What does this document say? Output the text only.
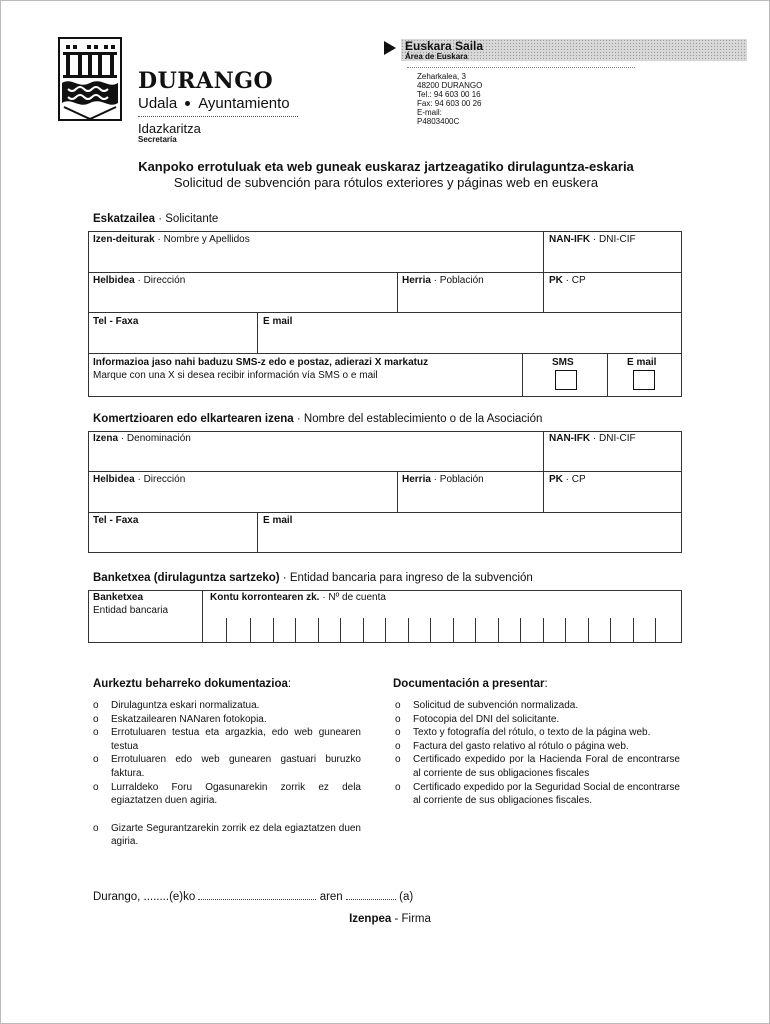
DURANGO
Udala Ayuntamiento
Idazkaritza
Secretaría
Euskara Saila
Área de Euskara
Zeharkalea, 3
48200 DURANGO
Tel.: 94 603 00 16
Fax: 94 603 00 26
E-mail:
P4803400C
Kanpoko errotuluak eta web guneak euskaraz jartzeagatiko dirulaguntza-eskaria
Solicitud de subvención para rótulos exteriores y páginas web en euskera
Eskatzailea · Solicitante
Izen-deiturak · Nombre y Apellidos	NAN-IFK · DNI-CIF
Helbidea · Dirección	Herria · Población	PK · CP
Tel - Faxa	E mail
Informazioa jaso nahi baduzu SMS-z edo e postaz, adierazi X markatuz
Marque con una X si desea recibir información vía SMS o e mail
SMS	E mail
Komertzioaren edo elkartearen izena · Nombre del establecimiento o de la Asociación
Izena · Denominación	NAN-IFK · DNI-CIF
Helbidea · Dirección	Herria · Población	PK · CP
Tel - Faxa	E mail
Banketxea (dirulaguntza sartzeko) · Entidad bancaria para ingreso de la subvención
Banketxea
Entidad bancaria
Kontu korrontearen zk. · Nº de cuenta
Aurkeztu beharreko dokumentazioa:	Documentación a presentar:
o Dirulaguntza eskari normalizatua.
o Eskatzailearen NANaren fotokopia.
o Errotuluaren testua eta argazkia, edo web gunearen testua
o Errotuluaren edo web gunearen gastuari buruzko faktura.
o Lurraldeko Foru Ogasunarekin zorrik ez dela egiaztatzen duen agiria.
o Gizarte Segurantzarekin zorrik ez dela egiaztatzen duen agiria.
o Solicitud de subvención normalizada.
o Fotocopia del DNI del solicitante.
o Texto y fotografía del rótulo, o texto de la página web.
o Factura del gasto relativo al rótulo o página web.
o Certificado expedido por la Hacienda Foral de encontrarse al corriente de sus obligaciones fiscales
o Certificado expedido por la Seguridad Social de encontrarse al corriente de sus obligaciones fiscales.
Durango, ........(e)ko	aren	(a)
Izenpea - Firma
